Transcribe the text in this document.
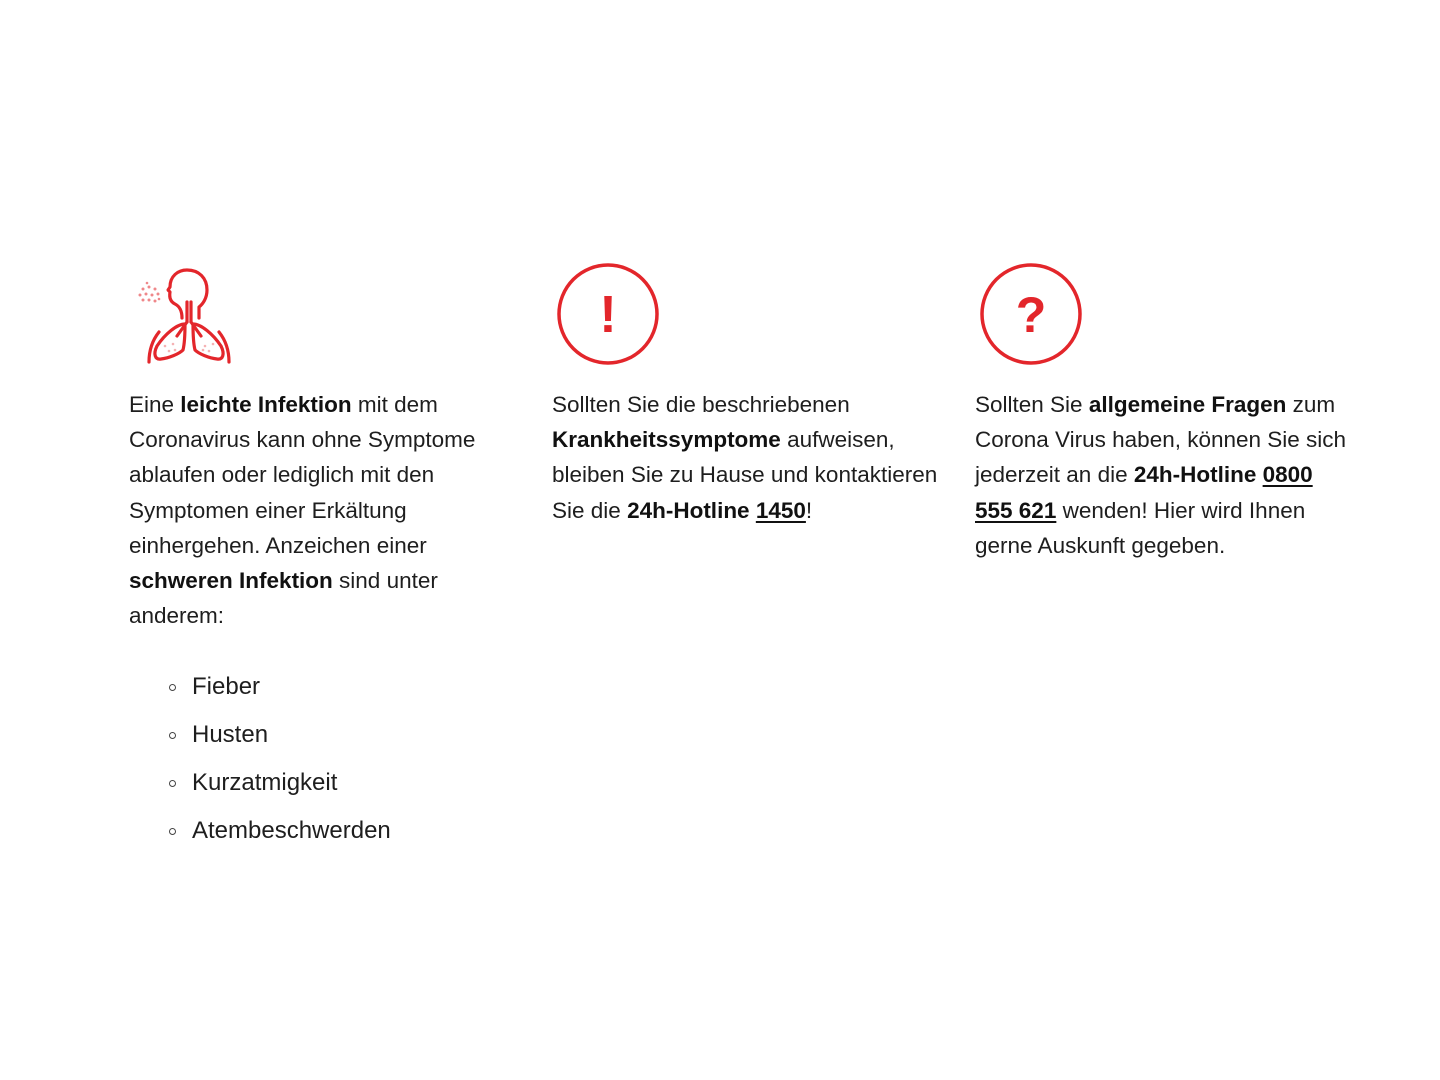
Eine leichte Infektion mit dem Coronavirus kann ohne Symptome ablaufen oder lediglich mit den Symptomen einer Erkältung einhergehen. Anzeichen einer schweren Infektion sind unter anderem:

Fieber
Husten
Kurzatmigkeit
Atembeschwerden
!

Sollten Sie die beschriebenen Krankheitssymptome aufweisen, bleiben Sie zu Hause und kontaktieren Sie die 24h-Hotline 1450!

?

Sollten Sie allgemeine Fragen zum Corona Virus haben, können Sie sich jederzeit an die 24h-Hotline 0800 555 621 wenden! Hier wird Ihnen gerne Auskunft gegeben.
